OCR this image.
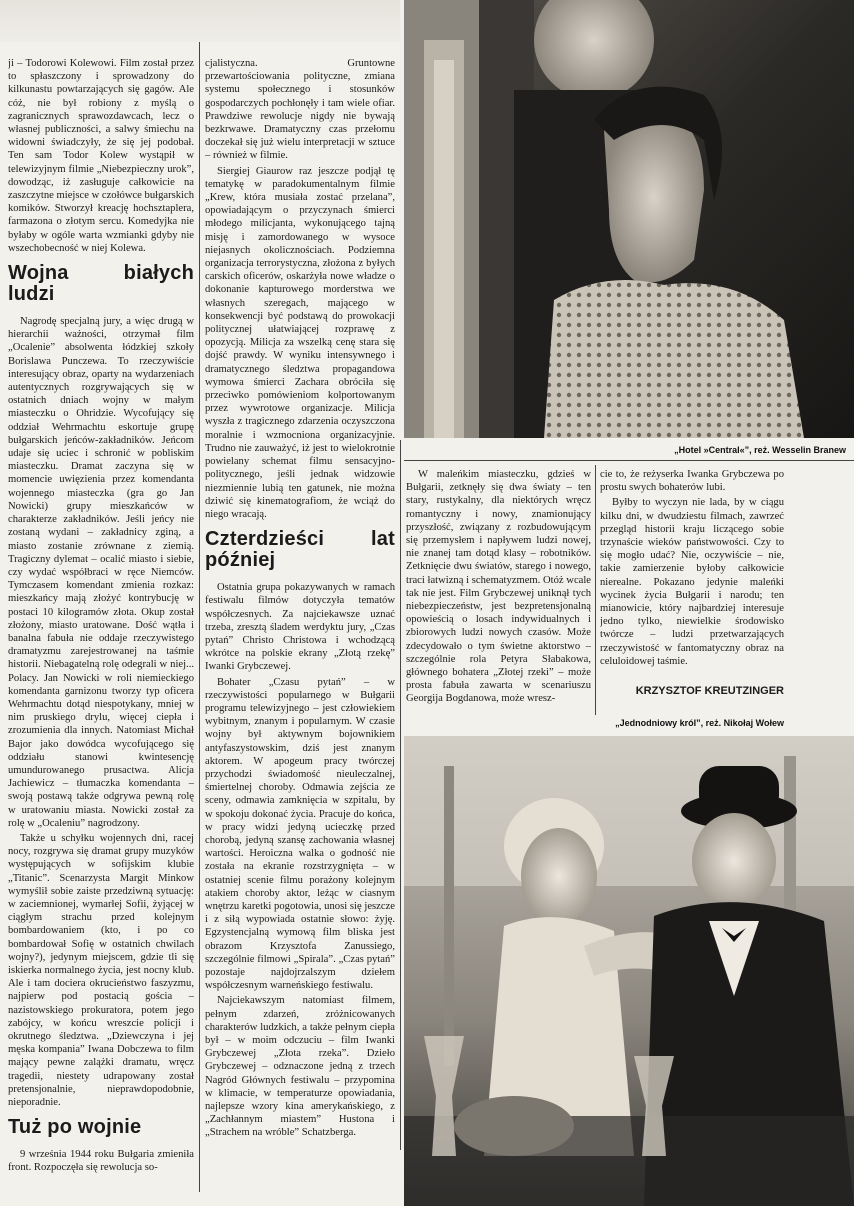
ji – Todorowi Kolewowi. Film został przez to spłaszczony i sprowadzony do kilkunastu powtarzających się gagów. Ale cóż, nie był robiony z myślą o zagranicznych sprawozdawcach, lecz o własnej publiczności, a salwy śmiechu na widowni świadczyły, że się jej podobał. Ten sam Todor Kolew wystąpił w telewizyjnym filmie „Niebezpieczny urok”, dowodząc, iż zasługuje całkowicie na zaszczytne miejsce w czołówce bułgarskich komików. Stworzył kreację hochsztaplera, farmazona o złotym sercu. Komedyjka nie byłaby w ogóle warta wzmianki gdyby nie wszechobecność w niej Kolewa.

Wojna białych ludzi

Nagrodę specjalną jury, a więc drugą w hierarchii ważności, otrzymał film „Ocalenie” absolwenta łódzkiej szkoły Borislawa Punczewa. To rzeczywiście interesujący obraz, oparty na wydarzeniach autentycznych rozgrywających się w ostatnich dniach wojny w małym miasteczku o Ohridzie. Wycofujący się oddział Wehrmachtu eskortuje grupę bułgarskich jeńców-zakładników. Jeńcom udaje się uciec i schronić w pobliskim miasteczku. Dramat zaczyna się w momencie uwięzienia przez komendanta wojennego miasteczka (gra go Jan Nowicki) grupy mieszkańców w charakterze zakładników. Jeśli jeńcy nie zostaną wydani – zakładnicy zginą, a miasto zostanie zrównane z ziemią. Tragiczny dylemat – ocalić miasto i siebie, czy wydać współbraci w ręce Niemców. Tymczasem komendant zmienia rozkaz: mieszkańcy mają złożyć kontrybucję w postaci 10 kilogramów złota. Okup został złożony, miasto uratowane. Dość wątła i banalna fabuła nie oddaje rzeczywistego dramatyzmu zarejestrowanej na taśmie historii. Niebagatelną rolę odegrali w niej... Polacy. Jan Nowicki w roli niemieckiego komendanta garnizonu tworzy typ oficera Wehrmachtu dotąd niespotykany, mniej w nim pruskiego drylu, więcej ciepła i zrozumienia dla innych. Natomiast Michał Bajor jako dowódca wycofującego się oddziału stanowi kwintesencję umundurowanego prusactwa. Alicja Jachiewicz – tłumaczka komendanta – swoją postawą także odgrywa pewną rolę w uratowaniu miasta. Nowicki został za rolę w „Ocaleniu” nagrodzony.

Także u schyłku wojennych dni, racej nocy, rozgrywa się dramat grupy muzyków występujących w sofijskim klubie „Titanic”. Scenarzysta Margit Minkow wymyślił sobie zaiste przedziwną sytuację: w zaciemnionej, wymarłej Sofii, żyjącej w ciągłym strachu przed kolejnym bombardowaniem (kto, i po co bombardował Sofię w ostatnich chwilach wojny?), jedynym miejscem, gdzie tli się iskierka normalnego życia, jest nocny klub. Ale i tam dociera okrucieństwo faszyzmu, najpierw pod postacią gościa – nazistowskiego prokuratora, potem jego zabójcy, w końcu wreszcie policji i okrutnego śledztwa. „Dziewczyna i jej męska kompania” Iwana Dobczewa to film mający pewne zalążki dramatu, wręcz tragedii, niestety udrapowany został pretensjonalnie, nieprawdopodobnie, nieporadnie.

Tuż po wojnie

9 września 1944 roku Bułgaria zmieniła front. Rozpoczęła się rewolucja so-

cjalistyczna. Gruntowne przewartościowania polityczne, zmiana systemu społecznego i stosunków gospodarczych pochłonęły i tam wiele ofiar. Prawdziwe rewolucje nigdy nie bywają bezkrwawe. Dramatyczny czas przełomu doczekał się już wielu interpretacji w sztuce – również w filmie.

Siergiej Giaurow raz jeszcze podjął tę tematykę w paradokumentalnym filmie „Krew, która musiała zostać przelana”, opowiadającym o przyczynach śmierci młodego milicjanta, wykonującego tajną misję i zamordowanego w wysoce niejasnych okolicznościach. Podziemna organizacja terrorystyczna, złożona z byłych carskich oficerów, oskarżyła nowe władze o dokonanie kapturowego morderstwa we własnych szeregach, mającego w konsekwencji być podstawą do prowokacji politycznej ułatwiającej rozprawę z opozycją. Milicja za wszelką cenę stara się dojść prawdy. W wyniku intensywnego i dramatycznego śledztwa propagandowa wymowa śmierci Zachara obróciła się przeciwko pomówieniom kolportowanym przez wywrotowe organizacje. Milicja wyszła z tragicznego zdarzenia oczyszczona moralnie i wzmocniona organizacyjnie. Trudno nie zauważyć, iż jest to wielokrotnie powielany schemat filmu sensacyjno-politycznego, jeśli jednak widzowie niezmiennie lubią ten gatunek, nie można dziwić się kinematografiom, że wciąż do niego wracają.

Czterdzieści lat później

Ostatnia grupa pokazywanych w ramach festiwalu filmów dotyczyła tematów współczesnych. Za najciekawsze uznać trzeba, zresztą śladem werdyktu jury, „Czas pytań” Christo Christowa i wchodzącą wkrótce na polskie ekrany „Złotą rzekę” Iwanki Grybczewej.

Bohater „Czasu pytań” – w rzeczywistości popularnego w Bułgarii programu telewizyjnego – jest człowiekiem wybitnym, znanym i popularnym. W czasie wojny był aktywnym bojownikiem antyfaszystowskim, dziś jest znanym aktorem. W apogeum pracy twórczej przychodzi świadomość nieuleczalnej, śmiertelnej choroby. Odmawia zejścia ze sceny, odmawia zamknięcia w szpitalu, by w spokoju dokonać życia. Pracuje do końca, w pracy widzi jedyną ucieczkę przed chorobą, jedyną szansę zachowania własnej wartości. Heroiczna walka o godność nie została na ekranie rozstrzygnięta – w ostatniej scenie filmu porażony kolejnym atakiem choroby aktor, leżąc w ciasnym wnętrzu karetki pogotowia, unosi się jeszcze i z siłą wypowiada ostatnie słowo: żyję. Egzystencjalną wymową film bliska jest obrazom Krzysztofa Zanussiego, szczególnie filmowi „Spirala”. „Czas pytań” pozostaje najdojrzalszym dziełem współczesnym warneńskiego festiwalu.

Najciekawszym natomiast filmem, pełnym zdarzeń, zróżnicowanych charakterów ludzkich, a także pełnym ciepła był – w moim odczuciu – film Iwanki Grybczewej „Złota rzeka”. Dzieło Grybczewej – odznaczone jedną z trzech Nagród Głównych festiwalu – przypomina w klimacie, w temperaturze opowiadania, najlepsze wzory kina amerykańskiego, z „Zachłannym miastem” Hustona i „Strachem na wróble” Schatzberga.

„Hotel »Central«”, reż. Wesselin Branew

W maleńkim miasteczku, gdzieś w Bułgarii, zetknęły się dwa światy – ten stary, rustykalny, dla niektórych wręcz romantyczny i nowy, znamionujący przyszłość, związany z rozbudowującym się przemysłem i napływem ludzi nowej, nie znanej tam dotąd klasy – robotników. Zetknięcie dwu światów, starego i nowego, traci łatwizną i schematyzmem. Otóż wcale tak nie jest. Film Grybczewej uniknął tych niebezpieczeństw, jest bezpretensjonalną opowieścią o losach indywidualnych i zbiorowych ludzi nowych czasów. Może zdecydowało o tym świetne aktorstwo – szczególnie rola Petyra Słabakowa, głównego bohatera „Złotej rzeki” – może prosta fabuła zawarta w scenariuszu Georgija Bogdanowa, może wresz-

cie to, że reżyserka Iwanka Grybczewa po prostu swych bohaterów lubi.

Byłby to wyczyn nie lada, by w ciągu kilku dni, w dwudziestu filmach, zawrzeć przegląd historii kraju liczącego sobie trzynaście wieków państwowości. Czy to się mogło udać? Nie, oczywiście – nie, takie zamierzenie byłoby całkowicie nierealne. Pokazano jedynie maleńki wycinek życia Bułgarii i narodu; ten mianowicie, który najbardziej interesuje jedno tylko, niewielkie środowisko twórcze – ludzi przetwarzających rzeczywistość w fantomatyczny obraz na celuloidowej taśmie.

KRZYSZTOF KREUTZINGER
„Jednodniowy król”, reż. Nikołaj Wołew
